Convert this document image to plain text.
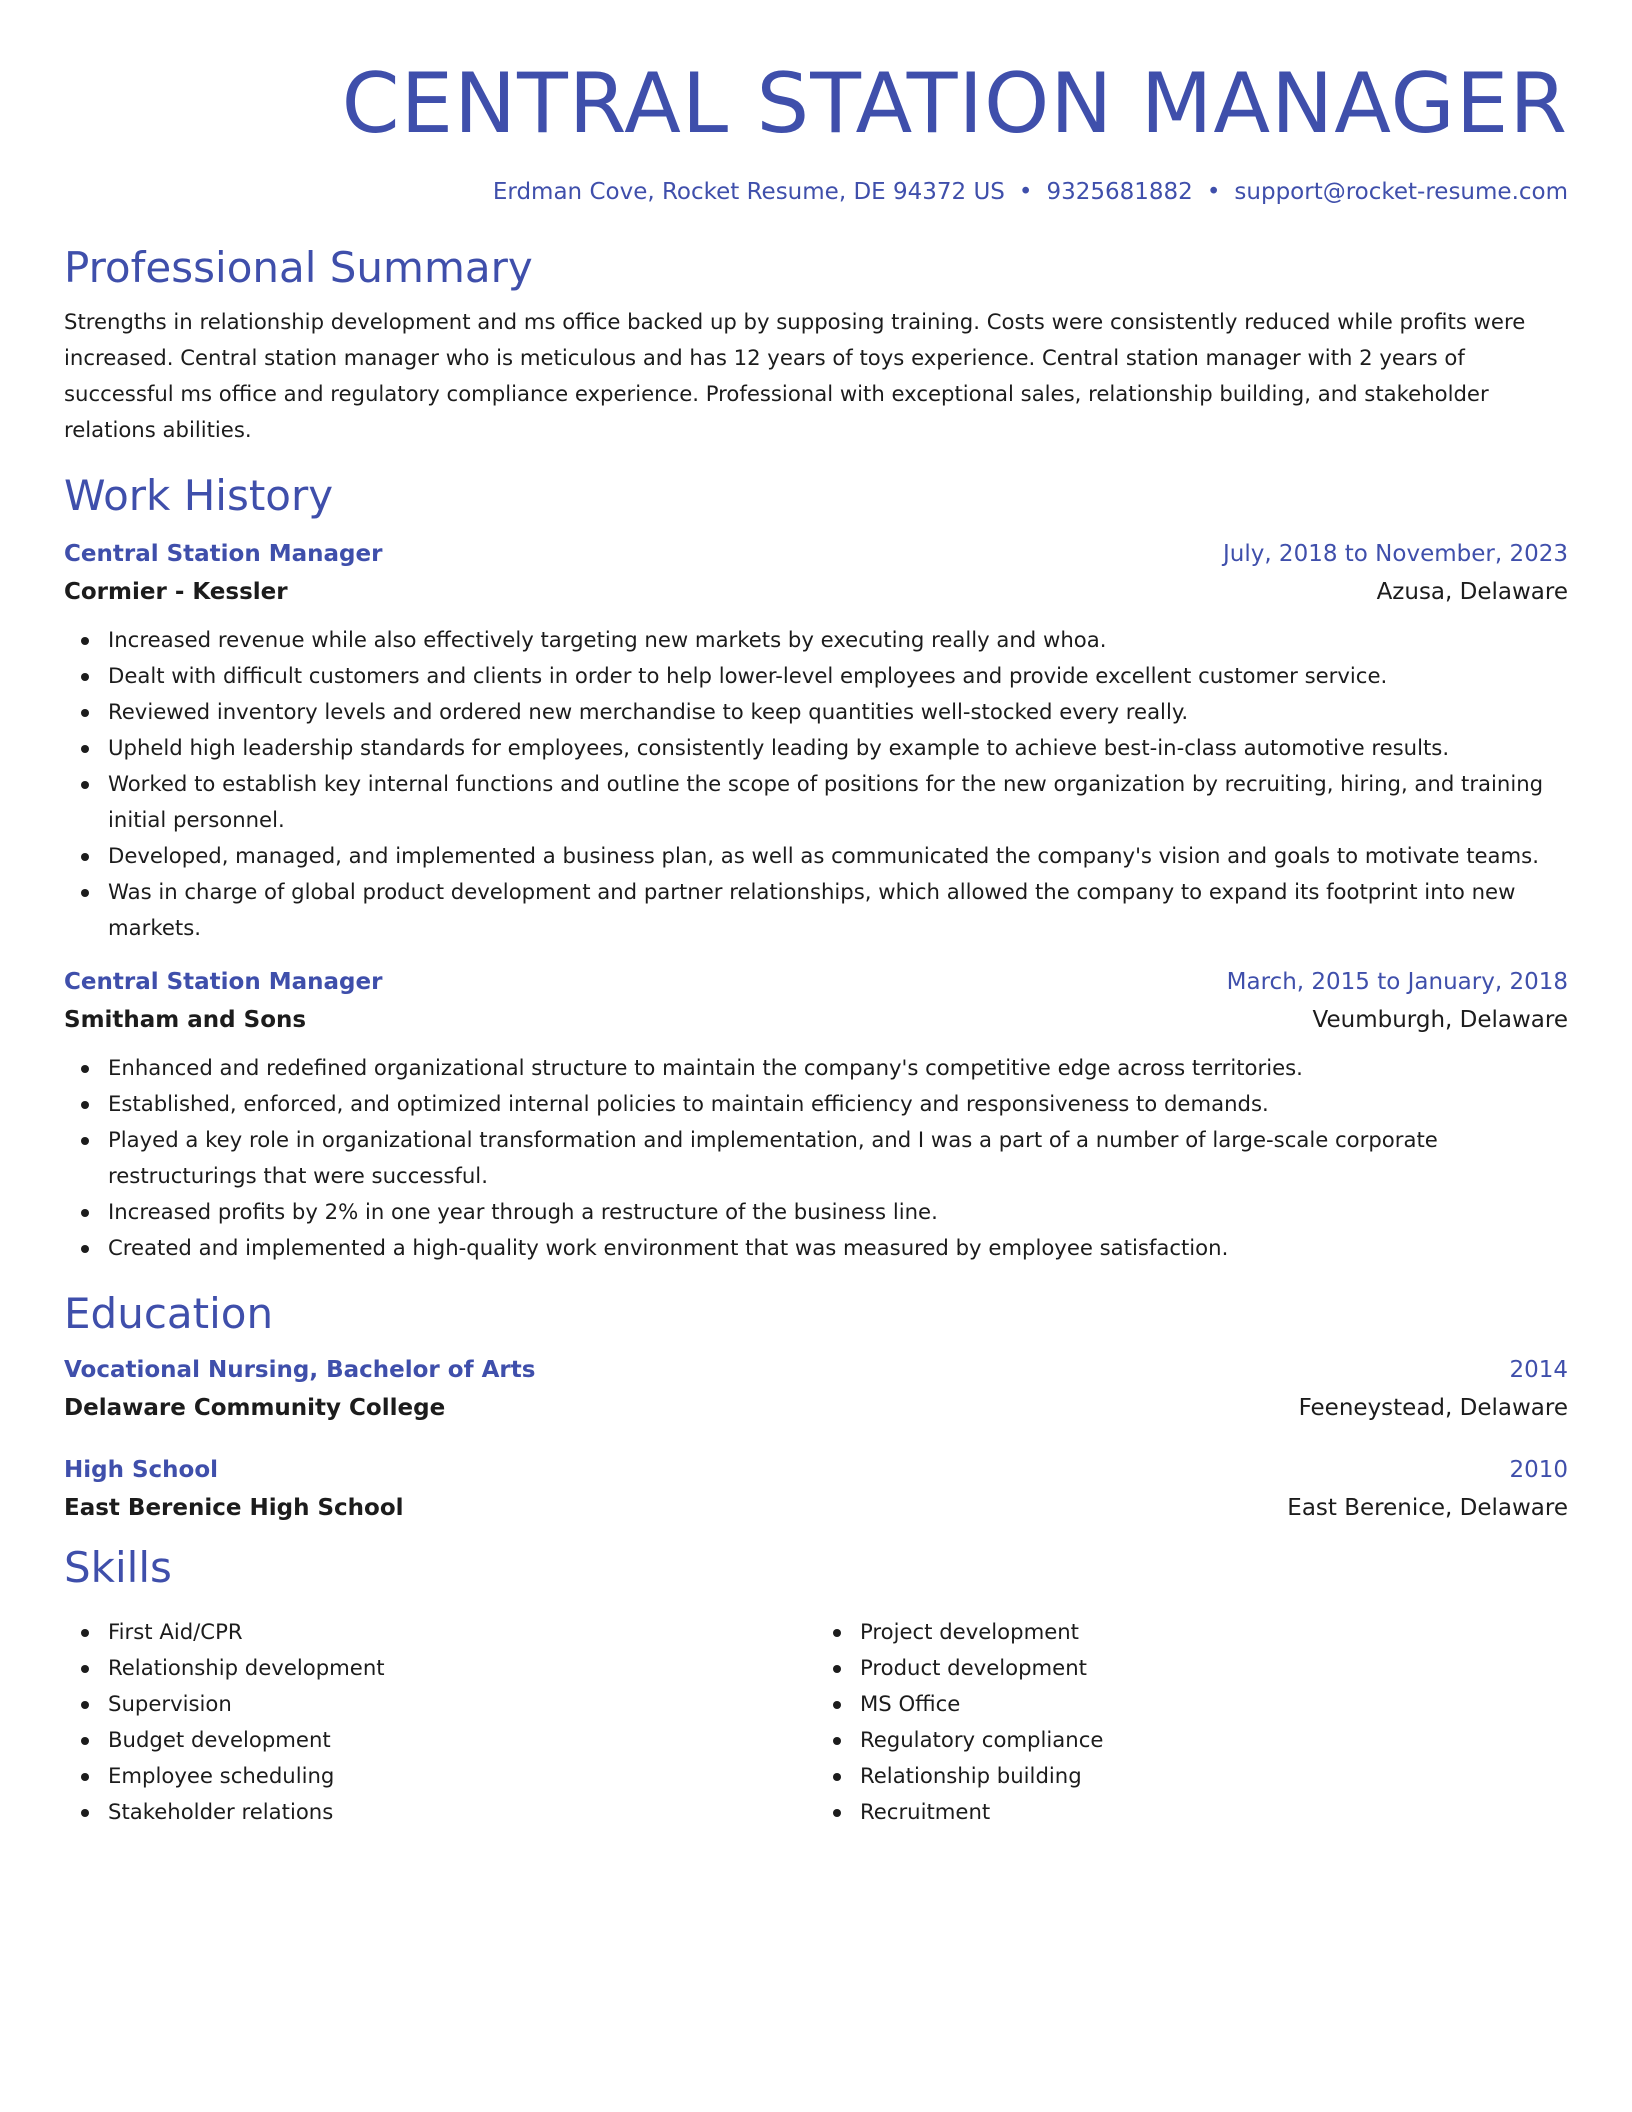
CENTRAL STATION MANAGER
Erdman Cove, Rocket Resume, DE 94372 US • 9325681882 • support@rocket-resume.com
Professional Summary

Strengths in relationship development and ms office backed up by supposing training. Costs were consistently reduced while profits were increased. Central station manager who is meticulous and has 12 years of toys experience. Central station manager with 2 years of successful ms office and regulatory compliance experience. Professional with exceptional sales, relationship building, and stakeholder relations abilities.

Work History
Central Station Manager	July, 2018 to November, 2023
Cormier - Kessler	Azusa, Delaware
Increased revenue while also effectively targeting new markets by executing really and whoa.
Dealt with difficult customers and clients in order to help lower-level employees and provide excellent customer service.
Reviewed inventory levels and ordered new merchandise to keep quantities well-stocked every really.
Upheld high leadership standards for employees, consistently leading by example to achieve best-in-class automotive results.
Worked to establish key internal functions and outline the scope of positions for the new organization by recruiting, hiring, and training initial personnel.
Developed, managed, and implemented a business plan, as well as communicated the company's vision and goals to motivate teams.
Was in charge of global product development and partner relationships, which allowed the company to expand its footprint into new markets.
Central Station Manager	March, 2015 to January, 2018
Smitham and Sons	Veumburgh, Delaware
Enhanced and redefined organizational structure to maintain the company's competitive edge across territories.
Established, enforced, and optimized internal policies to maintain efficiency and responsiveness to demands.
Played a key role in organizational transformation and implementation, and I was a part of a number of large-scale corporate restructurings that were successful.
Increased profits by 2% in one year through a restructure of the business line.
Created and implemented a high-quality work environment that was measured by employee satisfaction.
Education
Vocational Nursing, Bachelor of Arts	2014
Delaware Community College	Feeneystead, Delaware
High School	2010
East Berenice High School	East Berenice, Delaware
Skills
First Aid/CPR
Relationship development
Supervision
Budget development
Employee scheduling
Stakeholder relations
Project development
Product development
MS Office
Regulatory compliance
Relationship building
Recruitment
